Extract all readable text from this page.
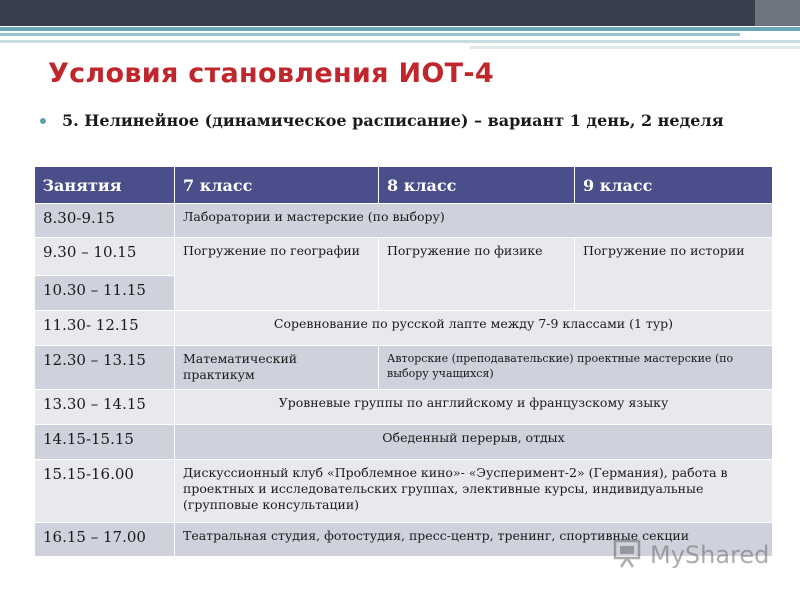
Условия становления ИОТ-4

5. Нелинейное (динамическое расписание) – вариант 1 день, 2 неделя

Занятия	7 класс	8 класс	9 класс
8.30-9.15	Лаборатории и мастерские (по выбору)		
9.30 – 10.15	Погружение по географии	Погружение по физике	Погружение по истории
10.30 – 11.15			
11.30- 12.15	Соревнование по русской лапте между 7-9 классами (1 тур)		
12.30 – 13.15	Математический практикум	Авторские (преподавательские) проектные мастерские (по выбору учащихся)	
13.30 – 14.15	Уровневые группы по английскому и французскому языку		
14.15-15.15	Обеденный перерыв, отдых		
15.15-16.00	Дискуссионный клуб «Проблемное кино»- «Эусперимент-2» (Германия), работа в проектных и исследовательских группах, элективные курсы, индивидуальные (групповые консультации)		
16.15 – 17.00	Театральная студия, фотостудия, пресс-центр, тренинг, спортивные секции		
MyShared
